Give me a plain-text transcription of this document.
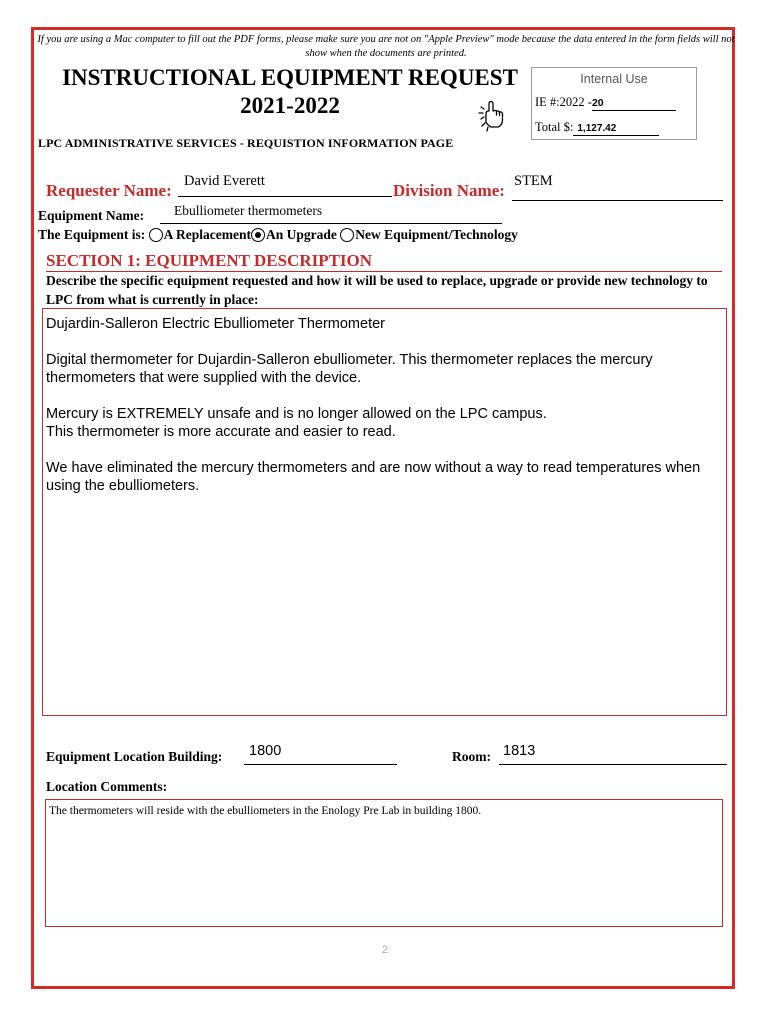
If you are using a Mac computer to fill out the PDF forms, please make sure you are not on "Apple Preview" mode because the data entered in the form fields will not show when the documents are printed.
INSTRUCTIONAL EQUIPMENT REQUEST
2021-2022
Internal Use
IE #:2022 -20
Total $: 1,127.42
LPC ADMINISTRATIVE SERVICES - REQUISTION INFORMATION PAGE
Requester Name: David Everett	Division Name: STEM
Equipment Name: Ebulliometer thermometers
The Equipment is: A Replacement An Upgrade New Equipment/Technology
SECTION 1: EQUIPMENT DESCRIPTION
Describe the specific equipment requested and how it will be used to replace, upgrade or provide new technology to LPC from what is currently in place:

Dujardin-Salleron Electric Ebulliometer Thermometer

Digital thermometer for Dujardin-Salleron ebulliometer. This thermometer replaces the mercury thermometers that were supplied with the device.

Mercury is EXTREMELY unsafe and is no longer allowed on the LPC campus.
This thermometer is more accurate and easier to read.

We have eliminated the mercury thermometers and are now without a way to read temperatures when using the ebulliometers.

Equipment Location Building: 1800	Room: 1813
Location Comments:
The thermometers will reside with the ebulliometers in the Enology Pre Lab in building 1800.
2
